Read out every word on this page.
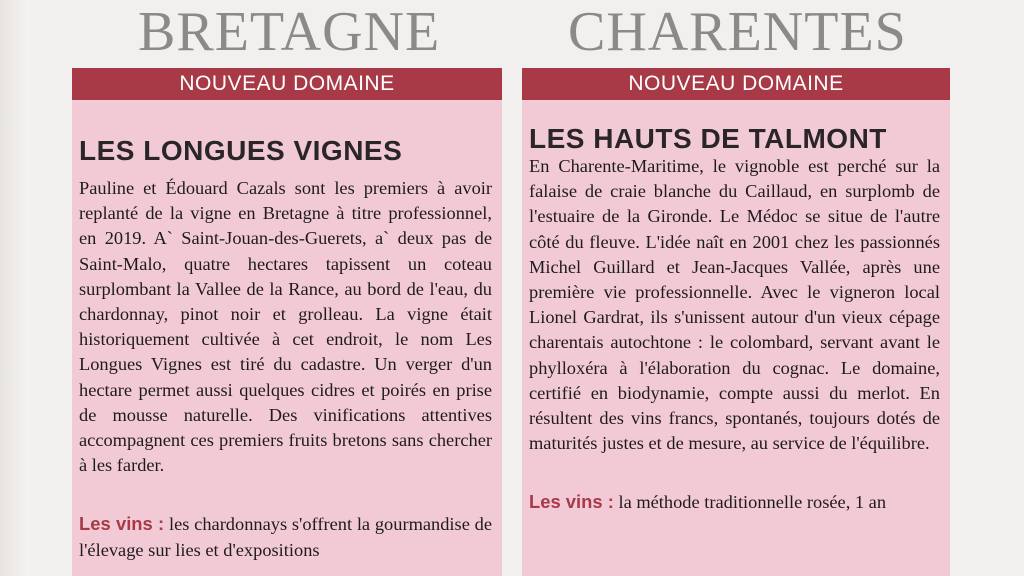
BRETAGNE CHARENTES
NOUVEAU DOMAINE
LES LONGUES VIGNES

Pauline et Édouard Cazals sont les premiers à avoir replanté de la vigne en Bretagne à titre professionnel, en 2019. A` Saint-Jouan-des-Guerets, a` deux pas de Saint-Malo, quatre hectares tapissent un coteau surplombant la Vallee de la Rance, au bord de l'eau, du chardonnay, pinot noir et grolleau. La vigne était historiquement cultivée à cet endroit, le nom Les Longues Vignes est tiré du cadastre. Un verger d'un hectare permet aussi quelques cidres et poirés en prise de mousse naturelle. Des vinifications attentives accompagnent ces premiers fruits bretons sans chercher à les farder.

Les vins : les chardonnays s'offrent la gourmandise de l'élevage sur lies et d'expositions

NOUVEAU DOMAINE
LES HAUTS DE TALMONT

En Charente-Maritime, le vignoble est perché sur la falaise de craie blanche du Caillaud, en surplomb de l'estuaire de la Gironde. Le Médoc se situe de l'autre côté du fleuve. L'idée naît en 2001 chez les passionnés Michel Guillard et Jean-Jacques Vallée, après une première vie professionnelle. Avec le vigneron local Lionel Gardrat, ils s'unissent autour d'un vieux cépage charentais autochtone : le colombard, servant avant le phylloxéra à l'élaboration du cognac. Le domaine, certifié en biodynamie, compte aussi du merlot. En résultent des vins francs, spontanés, toujours dotés de maturités justes et de mesure, au service de l'équilibre.

Les vins : la méthode traditionnelle rosée, 1 an
